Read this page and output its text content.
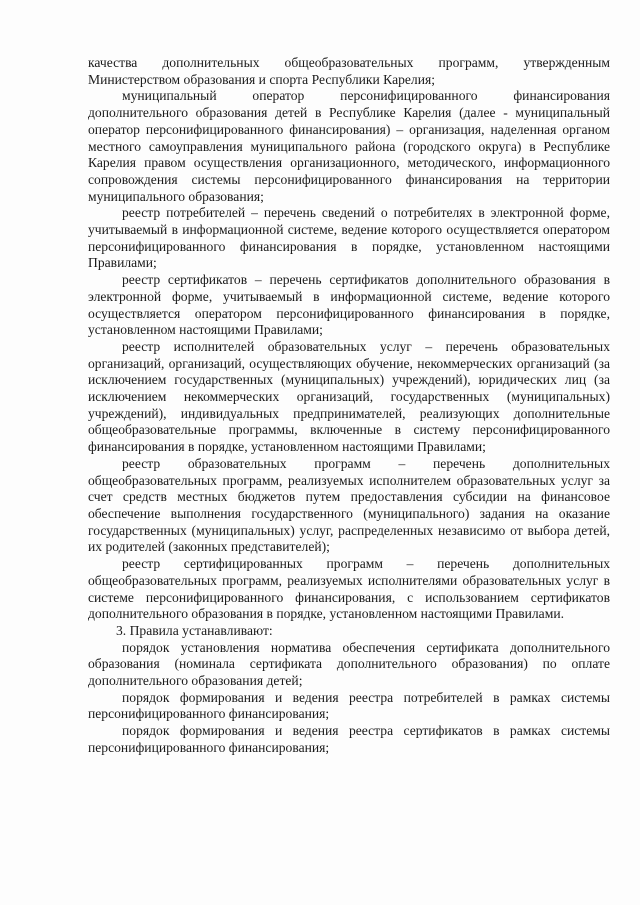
качества дополнительных общеобразовательных программ, утвержденным Министерством образования и спорта Республики Карелия;

муниципальный оператор персонифицированного финансирования дополнительного образования детей в Республике Карелия (далее - муниципальный оператор персонифицированного финансирования) – организация, наделенная органом местного самоуправления муниципального района (городского округа) в Республике Карелия правом осуществления организационного, методического, информационного сопровождения системы персонифицированного финансирования на территории муниципального образования;

реестр потребителей – перечень сведений о потребителях в электронной форме, учитываемый в информационной системе, ведение которого осуществляется оператором персонифицированного финансирования в порядке, установленном настоящими Правилами;

реестр сертификатов – перечень сертификатов дополнительного образования в электронной форме, учитываемый в информационной системе, ведение которого осуществляется оператором персонифицированного финансирования в порядке, установленном настоящими Правилами;

реестр исполнителей образовательных услуг – перечень образовательных организаций, организаций, осуществляющих обучение, некоммерческих организаций (за исключением государственных (муниципальных) учреждений), юридических лиц (за исключением некоммерческих организаций, государственных (муниципальных) учреждений), индивидуальных предпринимателей, реализующих дополнительные общеобразовательные программы, включенные в систему персонифицированного финансирования в порядке, установленном настоящими Правилами;

реестр образовательных программ – перечень дополнительных общеобразовательных программ, реализуемых исполнителем образовательных услуг за счет средств местных бюджетов путем предоставления субсидии на финансовое обеспечение выполнения государственного (муниципального) задания на оказание государственных (муниципальных) услуг, распределенных независимо от выбора детей, их родителей (законных представителей);

реестр сертифицированных программ – перечень дополнительных общеобразовательных программ, реализуемых исполнителями образовательных услуг в системе персонифицированного финансирования, с использованием сертификатов дополнительного образования в порядке, установленном настоящими Правилами.

3. Правила устанавливают:

порядок установления норматива обеспечения сертификата дополнительного образования (номинала сертификата дополнительного образования) по оплате дополнительного образования детей;

порядок формирования и ведения реестра потребителей в рамках системы персонифицированного финансирования;

порядок формирования и ведения реестра сертификатов в рамках системы персонифицированного финансирования;
